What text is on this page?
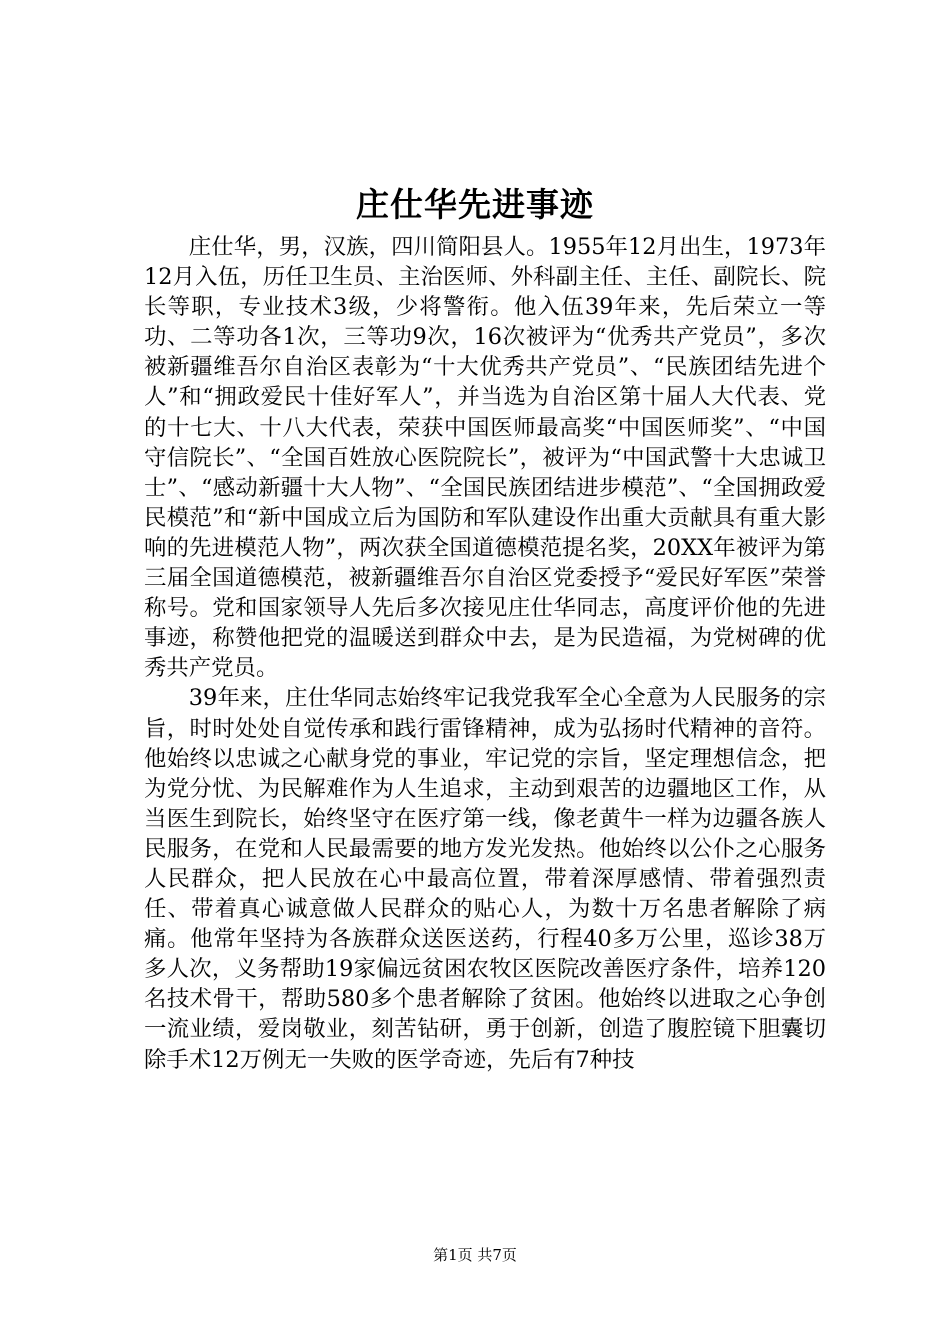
庄仕华先进事迹

庄仕华，男，汉族，四川简阳县人。1955年12月出生，1973年12月入伍，历任卫生员、主治医师、外科副主任、主任、副院长、院长等职，专业技术3级，少将警衔。他入伍39年来，先后荣立一等功、二等功各1次，三等功9次，16次被评为“优秀共产党员”，多次被新疆维吾尔自治区表彰为“十大优秀共产党员”、“民族团结先进个人”和“拥政爱民十佳好军人”，并当选为自治区第十届人大代表、党的十七大、十八大代表，荣获中国医师最高奖“中国医师奖”、“中国守信院长”、“全国百姓放心医院院长”，被评为“中国武警十大忠诚卫士”、“感动新疆十大人物”、“全国民族团结进步模范”、“全国拥政爱民模范”和“新中国成立后为国防和军队建设作出重大贡献具有重大影响的先进模范人物”，两次获全国道德模范提名奖，20XX年被评为第三届全国道德模范，被新疆维吾尔自治区党委授予“爱民好军医”荣誉称号。党和国家领导人先后多次接见庄仕华同志，高度评价他的先进事迹，称赞他把党的温暖送到群众中去，是为民造福，为党树碑的优秀共产党员。

39年来，庄仕华同志始终牢记我党我军全心全意为人民服务的宗旨，时时处处自觉传承和践行雷锋精神，成为弘扬时代精神的音符。他始终以忠诚之心献身党的事业，牢记党的宗旨，坚定理想信念，把为党分忧、为民解难作为人生追求，主动到艰苦的边疆地区工作，从当医生到院长，始终坚守在医疗第一线，像老黄牛一样为边疆各族人民服务，在党和人民最需要的地方发光发热。他始终以公仆之心服务人民群众，把人民放在心中最高位置，带着深厚感情、带着强烈责任、带着真心诚意做人民群众的贴心人，为数十万名患者解除了病痛。他常年坚持为各族群众送医送药，行程40多万公里，巡诊38万多人次，义务帮助19家偏远贫困农牧区医院改善医疗条件，培养120名技术骨干，帮助580多个患者解除了贫困。他始终以进取之心争创一流业绩，爱岗敬业，刻苦钻研，勇于创新，创造了腹腔镜下胆囊切除手术12万例无一失败的医学奇迹，先后有7种技

第1页 共7页
